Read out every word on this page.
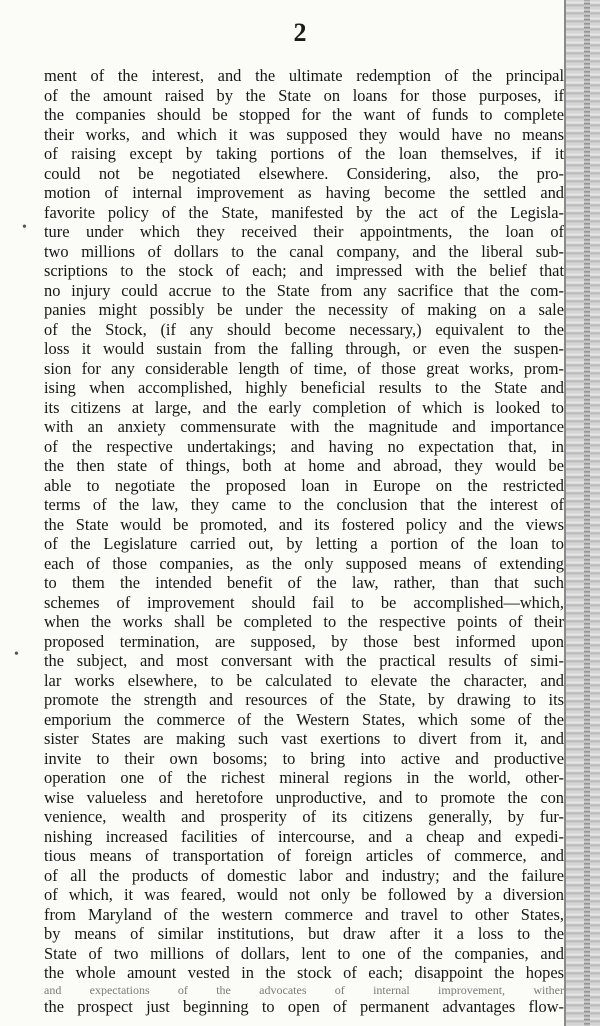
2
•
•
ment of the interest, and the ultimate redemption of the principal
of the amount raised by the State on loans for those purposes, if
the companies should be stopped for the want of funds to complete
their works, and which it was supposed they would have no means
of raising except by taking portions of the loan themselves, if it
could not be negotiated elsewhere. Considering, also, the pro-
motion of internal improvement as having become the settled and
favorite policy of the State, manifested by the act of the Legisla-
ture under which they received their appointments, the loan of
two millions of dollars to the canal company, and the liberal sub-
scriptions to the stock of each; and impressed with the belief that
no injury could accrue to the State from any sacrifice that the com-
panies might possibly be under the necessity of making on a sale
of the Stock, (if any should become necessary,) equivalent to the
loss it would sustain from the falling through, or even the suspen-
sion for any considerable length of time, of those great works, prom-
ising when accomplished, highly beneficial results to the State and
its citizens at large, and the early completion of which is looked to
with an anxiety commensurate with the magnitude and importance
of the respective undertakings; and having no expectation that, in
the then state of things, both at home and abroad, they would be
able to negotiate the proposed loan in Europe on the restricted
terms of the law, they came to the conclusion that the interest of
the State would be promoted, and its fostered policy and the views
of the Legislature carried out, by letting a portion of the loan to
each of those companies, as the only supposed means of extending
to them the intended benefit of the law, rather, than that such
schemes of improvement should fail to be accomplished—which,
when the works shall be completed to the respective points of their
proposed termination, are supposed, by those best informed upon
the subject, and most conversant with the practical results of simi-
lar works elsewhere, to be calculated to elevate the character, and
promote the strength and resources of the State, by drawing to its
emporium the commerce of the Western States, which some of the
sister States are making such vast exertions to divert from it, and
invite to their own bosoms; to bring into active and productive
operation one of the richest mineral regions in the world, other-
wise valueless and heretofore unproductive, and to promote the con
venience, wealth and prosperity of its citizens generally, by fur-
nishing increased facilities of intercourse, and a cheap and expedi-
tious means of transportation of foreign articles of commerce, and
of all the products of domestic labor and industry; and the failure
of which, it was feared, would not only be followed by a diversion
from Maryland of the western commerce and travel to other States,
by means of similar institutions, but draw after it a loss to the
State of two millions of dollars, lent to one of the companies, and
the whole amount vested in the stock of each; disappoint the hopes
and expectations of the advocates of internal improvement, wither
the prospect just beginning to open of permanent advantages flow-
